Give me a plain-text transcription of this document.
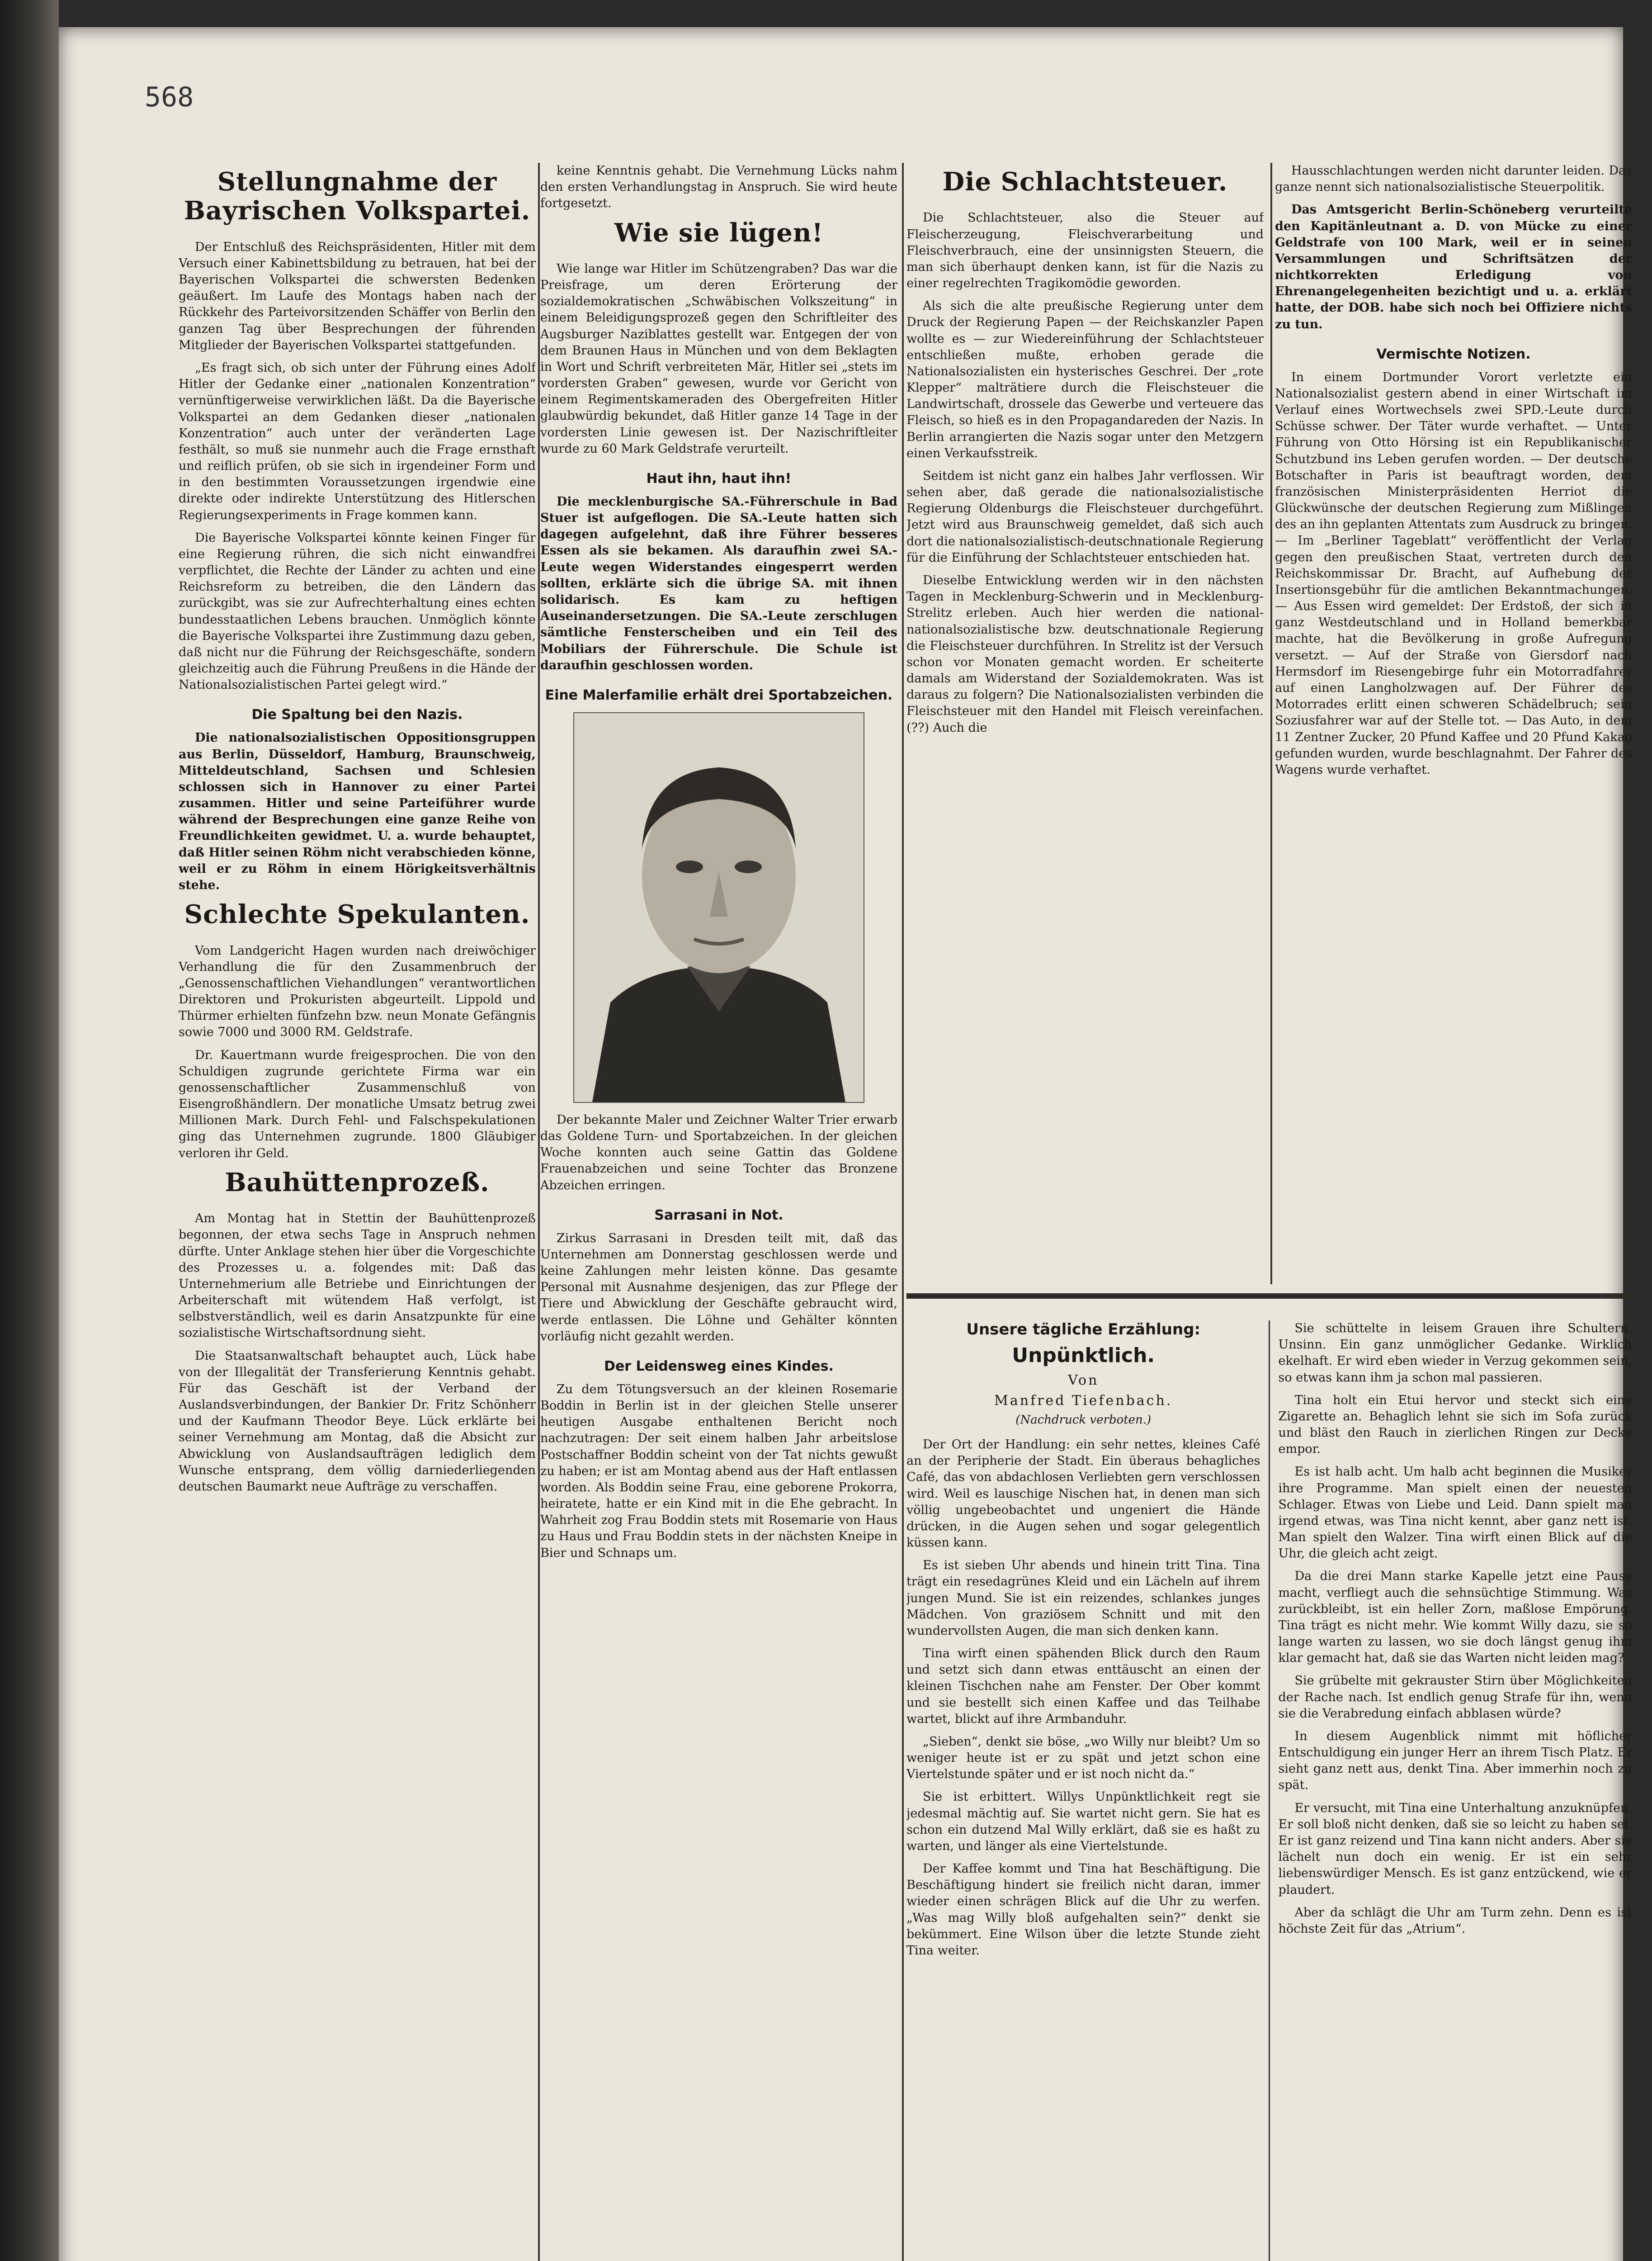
568
Stellungnahme der Bayrischen Volkspartei.

Der Entschluß des Reichspräsidenten, Hitler mit dem Versuch einer Kabinettsbildung zu betrauen, hat bei der Bayerischen Volkspartei die schwersten Bedenken geäußert. Im Laufe des Montags haben nach der Rückkehr des Parteivorsitzenden Schäffer von Berlin den ganzen Tag über Besprechungen der führenden Mitglieder der Bayerischen Volkspartei stattgefunden.

„Es fragt sich, ob sich unter der Führung eines Adolf Hitler der Gedanke einer „nationalen Konzentration“ vernünftigerweise verwirklichen läßt. Da die Bayerische Volkspartei an dem Gedanken dieser „nationalen Konzentration“ auch unter der veränderten Lage festhält, so muß sie nunmehr auch die Frage ernsthaft und reiflich prüfen, ob sie sich in irgendeiner Form und in den bestimmten Voraussetzungen irgendwie eine direkte oder indirekte Unterstützung des Hitlerschen Regierungsexperiments in Frage kommen kann.

Die Bayerische Volkspartei könnte keinen Finger für eine Regierung rühren, die sich nicht einwandfrei verpflichtet, die Rechte der Länder zu achten und eine Reichsreform zu betreiben, die den Ländern das zurückgibt, was sie zur Aufrechterhaltung eines echten bundesstaatlichen Lebens brauchen. Unmöglich könnte die Bayerische Volkspartei ihre Zustimmung dazu geben, daß nicht nur die Führung der Reichsgeschäfte, sondern gleichzeitig auch die Führung Preußens in die Hände der Nationalsozialistischen Partei gelegt wird.“

Die Spaltung bei den Nazis.

Die nationalsozialistischen Oppositionsgruppen aus Berlin, Düsseldorf, Hamburg, Braunschweig, Mitteldeutschland, Sachsen und Schlesien schlossen sich in Hannover zu einer Partei zusammen. Hitler und seine Parteiführer wurde während der Besprechungen eine ganze Reihe von Freundlichkeiten gewidmet. U. a. wurde behauptet, daß Hitler seinen Röhm nicht verabschieden könne, weil er zu Röhm in einem Hörigkeitsverhältnis stehe.

Schlechte Spekulanten.

Vom Landgericht Hagen wurden nach dreiwöchiger Verhandlung die für den Zusammenbruch der „Genossenschaftlichen Viehandlungen“ verantwortlichen Direktoren und Prokuristen abgeurteilt. Lippold und Thürmer erhielten fünfzehn bzw. neun Monate Gefängnis sowie 7000 und 3000 RM. Geldstrafe.

Dr. Kauertmann wurde freigesprochen. Die von den Schuldigen zugrunde gerichtete Firma war ein genossenschaftlicher Zusammenschluß von Eisengroßhändlern. Der monatliche Umsatz betrug zwei Millionen Mark. Durch Fehl- und Falschspekulationen ging das Unternehmen zugrunde. 1800 Gläubiger verloren ihr Geld.

Bauhüttenprozeß.

Am Montag hat in Stettin der Bauhüttenprozeß begonnen, der etwa sechs Tage in Anspruch nehmen dürfte. Unter Anklage stehen hier über die Vorgeschichte des Prozesses u. a. folgendes mit: Daß das Unternehmerium alle Betriebe und Einrichtungen der Arbeiterschaft mit wütendem Haß verfolgt, ist selbstverständlich, weil es darin Ansatzpunkte für eine sozialistische Wirtschaftsordnung sieht.

Die Staatsanwaltschaft behauptet auch, Lück habe von der Illegalität der Transferierung Kenntnis gehabt. Für das Geschäft ist der Verband der Auslandsverbindungen, der Bankier Dr. Fritz Schönherr und der Kaufmann Theodor Beye. Lück erklärte bei seiner Vernehmung am Montag, daß die Absicht zur Abwicklung von Auslandsaufträgen lediglich dem Wunsche entsprang, dem völlig darniederliegenden deutschen Baumarkt neue Aufträge zu verschaffen.

keine Kenntnis gehabt. Die Vernehmung Lücks nahm den ersten Verhandlungstag in Anspruch. Sie wird heute fortgesetzt.

Wie sie lügen!

Wie lange war Hitler im Schützengraben? Das war die Preisfrage, um deren Erörterung der sozialdemokratischen „Schwäbischen Volkszeitung“ in einem Beleidigungsprozeß gegen den Schriftleiter des Augsburger Naziblattes gestellt war. Entgegen der von dem Braunen Haus in München und von dem Beklagten in Wort und Schrift verbreiteten Mär, Hitler sei „stets im vordersten Graben“ gewesen, wurde vor Gericht von einem Regimentskameraden des Obergefreiten Hitler glaubwürdig bekundet, daß Hitler ganze 14 Tage in der vordersten Linie gewesen ist. Der Nazischriftleiter wurde zu 60 Mark Geldstrafe verurteilt.

Haut ihn, haut ihn!

Die mecklenburgische SA.-Führerschule in Bad Stuer ist aufgeflogen. Die SA.-Leute hatten sich dagegen aufgelehnt, daß ihre Führer besseres Essen als sie bekamen. Als daraufhin zwei SA.-Leute wegen Widerstandes eingesperrt werden sollten, erklärte sich die übrige SA. mit ihnen solidarisch. Es kam zu heftigen Auseinandersetzungen. Die SA.-Leute zerschlugen sämtliche Fensterscheiben und ein Teil des Mobiliars der Führerschule. Die Schule ist daraufhin geschlossen worden.

Eine Malerfamilie erhält drei Sportabzeichen.

Der bekannte Maler und Zeichner Walter Trier erwarb das Goldene Turn- und Sportabzeichen. In der gleichen Woche konnten auch seine Gattin das Goldene Frauenabzeichen und seine Tochter das Bronzene Abzeichen erringen.

Sarrasani in Not.

Zirkus Sarrasani in Dresden teilt mit, daß das Unternehmen am Donnerstag geschlossen werde und keine Zahlungen mehr leisten könne. Das gesamte Personal mit Ausnahme desjenigen, das zur Pflege der Tiere und Abwicklung der Geschäfte gebraucht wird, werde entlassen. Die Löhne und Gehälter könnten vorläufig nicht gezahlt werden.

Der Leidensweg eines Kindes.

Zu dem Tötungsversuch an der kleinen Rosemarie Boddin in Berlin ist in der gleichen Stelle unserer heutigen Ausgabe enthaltenen Bericht noch nachzutragen: Der seit einem halben Jahr arbeitslose Postschaffner Boddin scheint von der Tat nichts gewußt zu haben; er ist am Montag abend aus der Haft entlassen worden. Als Boddin seine Frau, eine geborene Prokorra, heiratete, hatte er ein Kind mit in die Ehe gebracht. In Wahrheit zog Frau Boddin stets mit Rosemarie von Haus zu Haus und Frau Boddin stets in der nächsten Kneipe in Bier und Schnaps um.

Die Schlachtsteuer.

Die Schlachtsteuer, also die Steuer auf Fleischerzeugung, Fleischverarbeitung und Fleischverbrauch, eine der unsinnigsten Steuern, die man sich überhaupt denken kann, ist für die Nazis zu einer regelrechten Tragikomödie geworden.

Als sich die alte preußische Regierung unter dem Druck der Regierung Papen — der Reichskanzler Papen wollte es — zur Wiedereinführung der Schlachtsteuer entschließen mußte, erhoben gerade die Nationalsozialisten ein hysterisches Geschrei. Der „rote Klepper“ malträtiere durch die Fleischsteuer die Landwirtschaft, drossele das Gewerbe und verteuere das Fleisch, so hieß es in den Propagandareden der Nazis. In Berlin arrangierten die Nazis sogar unter den Metzgern einen Verkaufsstreik.

Seitdem ist nicht ganz ein halbes Jahr verflossen. Wir sehen aber, daß gerade die nationalsozialistische Regierung Oldenburgs die Fleischsteuer durchgeführt. Jetzt wird aus Braunschweig gemeldet, daß sich auch dort die nationalsozialistisch-deutschnationale Regierung für die Einführung der Schlachtsteuer entschieden hat.

Dieselbe Entwicklung werden wir in den nächsten Tagen in Mecklenburg-Schwerin und in Mecklenburg-Strelitz erleben. Auch hier werden die national-nationalsozialistische bzw. deutschnationale Regierung die Fleischsteuer durchführen. In Strelitz ist der Versuch schon vor Monaten gemacht worden. Er scheiterte damals am Widerstand der Sozialdemokraten. Was ist daraus zu folgern? Die Nationalsozialisten verbinden die Fleischsteuer mit den Handel mit Fleisch vereinfachen. (??) Auch die

Hausschlachtungen werden nicht darunter leiden. Das ganze nennt sich nationalsozialistische Steuerpolitik.

Das Amtsgericht Berlin-Schöneberg verurteilte den Kapitänleutnant a. D. von Mücke zu einer Geldstrafe von 100 Mark, weil er in seinen Versammlungen und Schriftsätzen der nichtkorrekten Erledigung von Ehrenangelegenheiten bezichtigt und u. a. erklärt hatte, der DOB. habe sich noch bei Offiziere nichts zu tun.

Vermischte Notizen.

In einem Dortmunder Vorort verletzte ein Nationalsozialist gestern abend in einer Wirtschaft im Verlauf eines Wortwechsels zwei SPD.-Leute durch Schüsse schwer. Der Täter wurde verhaftet. — Unter Führung von Otto Hörsing ist ein Republikanischer Schutzbund ins Leben gerufen worden. — Der deutsche Botschafter in Paris ist beauftragt worden, dem französischen Ministerpräsidenten Herriot die Glückwünsche der deutschen Regierung zum Mißlingen des an ihn geplanten Attentats zum Ausdruck zu bringen. — Im „Berliner Tageblatt“ veröffentlicht der Verlag gegen den preußischen Staat, vertreten durch den Reichskommissar Dr. Bracht, auf Aufhebung der Insertionsgebühr für die amtlichen Bekanntmachungen. — Aus Essen wird gemeldet: Der Erdstoß, der sich in ganz Westdeutschland und in Holland bemerkbar machte, hat die Bevölkerung in große Aufregung versetzt. — Auf der Straße von Giersdorf nach Hermsdorf im Riesengebirge fuhr ein Motorradfahrer auf einen Langholzwagen auf. Der Führer des Motorrades erlitt einen schweren Schädelbruch; sein Soziusfahrer war auf der Stelle tot. — Das Auto, in dem 11 Zentner Zucker, 20 Pfund Kaffee und 20 Pfund Kakao gefunden wurden, wurde beschlagnahmt. Der Fahrer des Wagens wurde verhaftet.

Unsere tägliche Erzählung:
Unpünktlich.
Von
Manfred Tiefenbach.
(Nachdruck verboten.)

Der Ort der Handlung: ein sehr nettes, kleines Café an der Peripherie der Stadt. Ein überaus behagliches Café, das von abdachlosen Verliebten gern verschlossen wird. Weil es lauschige Nischen hat, in denen man sich völlig ungebeobachtet und ungeniert die Hände drücken, in die Augen sehen und sogar gelegentlich küssen kann.

Es ist sieben Uhr abends und hinein tritt Tina. Tina trägt ein resedagrünes Kleid und ein Lächeln auf ihrem jungen Mund. Sie ist ein reizendes, schlankes junges Mädchen. Von graziösem Schnitt und mit den wundervollsten Augen, die man sich denken kann.

Tina wirft einen spähenden Blick durch den Raum und setzt sich dann etwas enttäuscht an einen der kleinen Tischchen nahe am Fenster. Der Ober kommt und sie bestellt sich einen Kaffee und das Teilhabe wartet, blickt auf ihre Armbanduhr.

„Sieben“, denkt sie böse, „wo Willy nur bleibt? Um so weniger heute ist er zu spät und jetzt schon eine Viertelstunde später und er ist noch nicht da.“

Sie ist erbittert. Willys Unpünktlichkeit regt sie jedesmal mächtig auf. Sie wartet nicht gern. Sie hat es schon ein dutzend Mal Willy erklärt, daß sie es haßt zu warten, und länger als eine Viertelstunde.

Der Kaffee kommt und Tina hat Beschäftigung. Die Beschäftigung hindert sie freilich nicht daran, immer wieder einen schrägen Blick auf die Uhr zu werfen. „Was mag Willy bloß aufgehalten sein?“ denkt sie bekümmert. Eine Wilson über die letzte Stunde zieht Tina weiter.

Sie schüttelte in leisem Grauen ihre Schultern. Unsinn. Ein ganz unmöglicher Gedanke. Wirklich ekelhaft. Er wird eben wieder in Verzug gekommen sein, so etwas kann ihm ja schon mal passieren.

Tina holt ein Etui hervor und steckt sich eine Zigarette an. Behaglich lehnt sie sich im Sofa zurück und bläst den Rauch in zierlichen Ringen zur Decke empor.

Es ist halb acht. Um halb acht beginnen die Musiker ihre Programme. Man spielt einen der neuesten Schlager. Etwas von Liebe und Leid. Dann spielt man irgend etwas, was Tina nicht kennt, aber ganz nett ist. Man spielt den Walzer. Tina wirft einen Blick auf die Uhr, die gleich acht zeigt.

Da die drei Mann starke Kapelle jetzt eine Pause macht, verfliegt auch die sehnsüchtige Stimmung. Was zurückbleibt, ist ein heller Zorn, maßlose Empörung. Tina trägt es nicht mehr. Wie kommt Willy dazu, sie so lange warten zu lassen, wo sie doch längst genug ihm klar gemacht hat, daß sie das Warten nicht leiden mag?

Sie grübelte mit gekrauster Stirn über Möglichkeiten der Rache nach. Ist endlich genug Strafe für ihn, wenn sie die Verabredung einfach abblasen würde?

In diesem Augenblick nimmt mit höflicher Entschuldigung ein junger Herr an ihrem Tisch Platz. Er sieht ganz nett aus, denkt Tina. Aber immerhin noch zu spät.

Er versucht, mit Tina eine Unterhaltung anzuknüpfen. Er soll bloß nicht denken, daß sie so leicht zu haben sei. Er ist ganz reizend und Tina kann nicht anders. Aber sie lächelt nun doch ein wenig. Er ist ein sehr liebenswürdiger Mensch. Es ist ganz entzückend, wie er plaudert.

Aber da schlägt die Uhr am Turm zehn. Denn es ist höchste Zeit für das „Atrium“.
